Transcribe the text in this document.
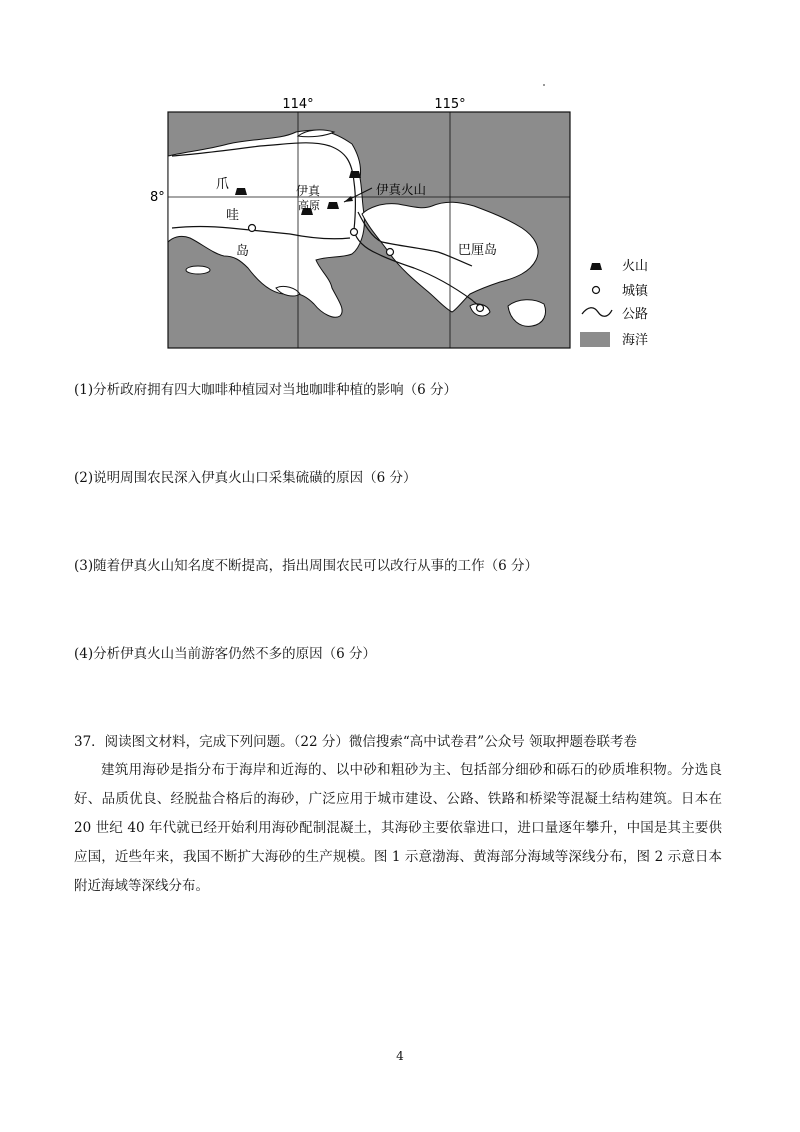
114°	115°
8°
爪
哇
岛
伊真
高原
伊真火山
巴厘岛
火山
城镇
公路
海洋
(1)分析政府拥有四大咖啡种植园对当地咖啡种植的影响（6 分）
(2)说明周围农民深入伊真火山口采集硫磺的原因（6 分）
(3)随着伊真火山知名度不断提高，指出周围农民可以改行从事的工作（6 分）
(4)分析伊真火山当前游客仍然不多的原因（6 分）
37．阅读图文材料，完成下列问题。（22 分）微信搜索“高中试卷君”公众号 领取押题卷联考卷

建筑用海砂是指分布于海岸和近海的、以中砂和粗砂为主、包括部分细砂和砾石的砂质堆积物。分选良好、品质优良、经脱盐合格后的海砂，广泛应用于城市建设、公路、铁路和桥梁等混凝土结构建筑。日本在 20 世纪 40 年代就已经开始利用海砂配制混凝土，其海砂主要依靠进口，进口量逐年攀升，中国是其主要供应国，近些年来，我国不断扩大海砂的生产规模。图 1 示意渤海、黄海部分海域等深线分布，图 2 示意日本附近海域等深线分布。

4
